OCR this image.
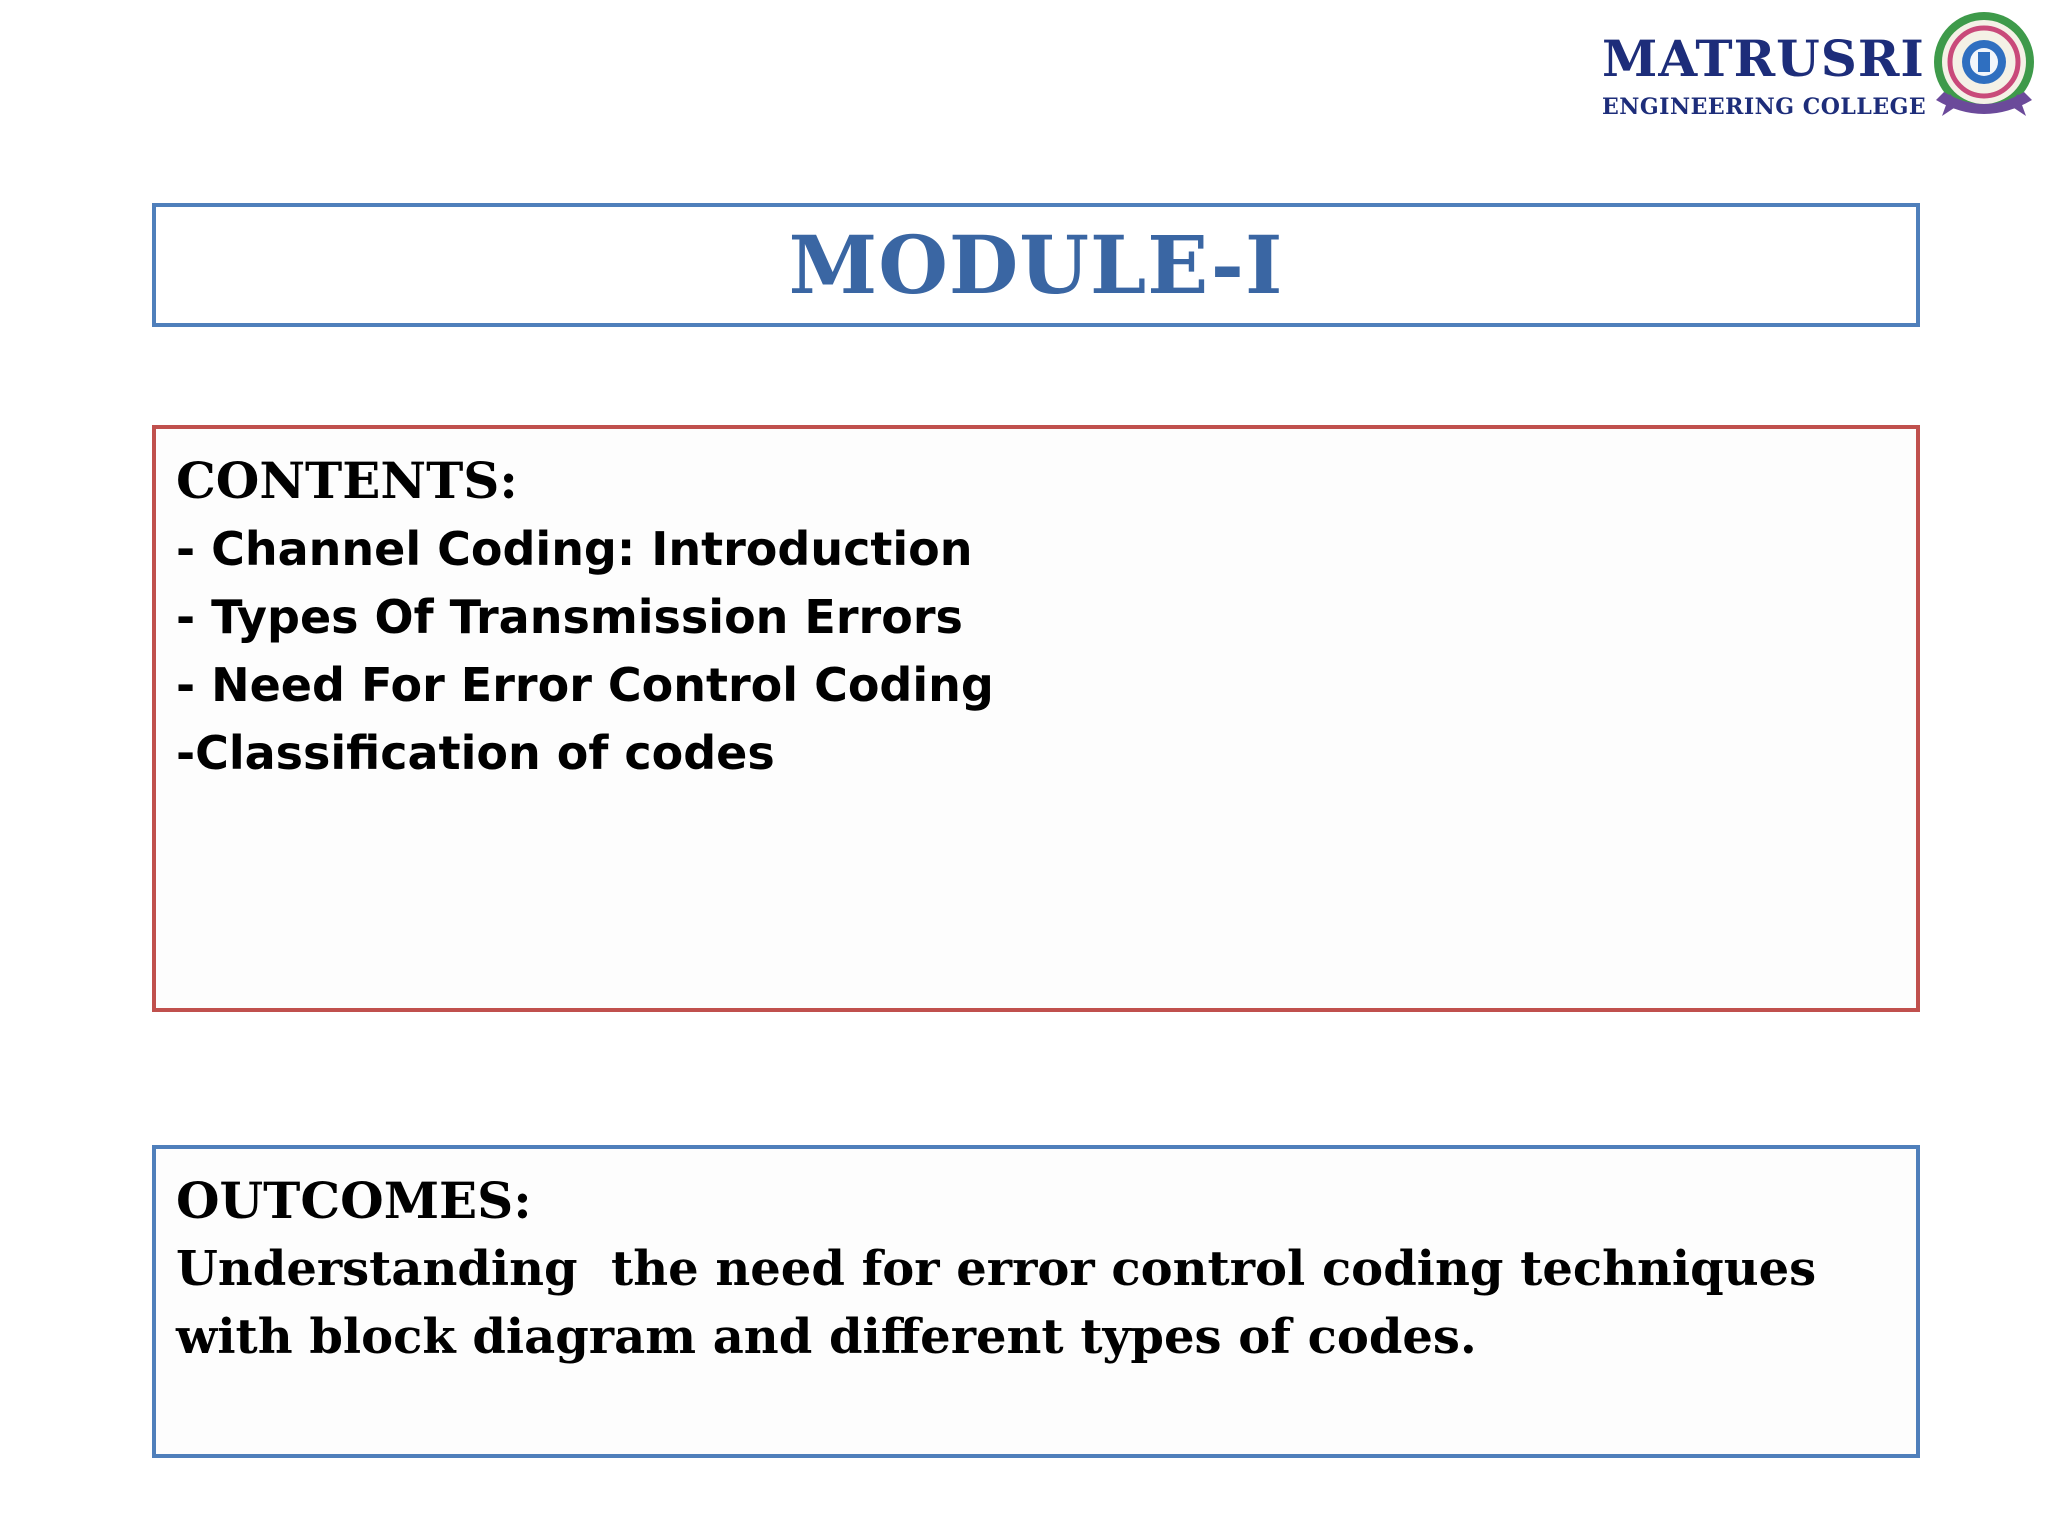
MATRUSRI
ENGINEERING COLLEGE
MODULE-I
CONTENTS:
- Channel Coding: Introduction
- Types Of Transmission Errors
- Need For Error Control Coding
-Classification of codes
OUTCOMES:
Understanding  the need for error control coding techniques with block diagram and different types of codes.
